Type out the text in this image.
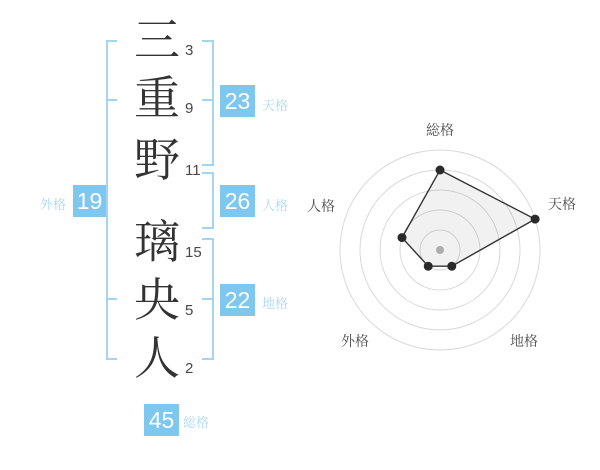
三
重
野
璃
央
人
3
9
11
15
5
2
外格 19
23 天格
26 人格
22 地格
45 総格
総格
天格
地格
外格
人格
